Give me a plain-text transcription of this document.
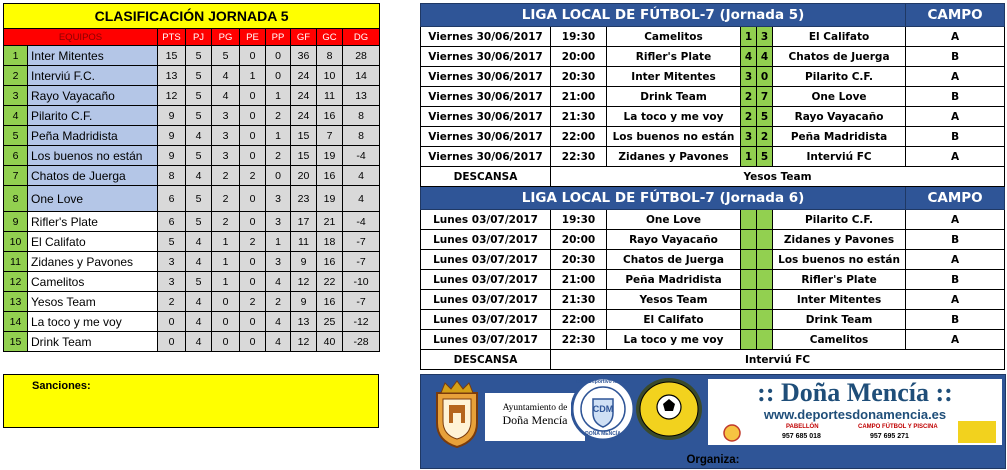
CLASIFICACIÓN JORNADA 5									
EQUIPOS		PTS	PJ	PG	PE	PP	GF	GC	DG
1	Inter Mitentes	15	5	5	0	0	36	8	28
2	Interviú F.C.	13	5	4	1	0	24	10	14
3	Rayo Vayacaño	12	5	4	0	1	24	11	13
4	Pilarito C.F.	9	5	3	0	2	24	16	8
5	Peña Madridista	9	4	3	0	1	15	7	8
6	Los buenos no están	9	5	3	0	2	15	19	-4
7	Chatos de Juerga	8	4	2	2	0	20	16	4
8	One Love	6	5	2	0	3	23	19	4
9	Rifler's Plate	6	5	2	0	3	17	21	-4
10	El Califato	5	4	1	2	1	11	18	-7
11	Zidanes y Pavones	3	4	1	0	3	9	16	-7
12	Camelitos	3	5	1	0	4	12	22	-10
13	Yesos Team	2	4	0	2	2	9	16	-7
14	La toco y me voy	0	4	0	0	4	13	25	-12
15	Drink Team	0	4	0	0	4	12	40	-28
Sanciones:
LIGA LOCAL DE FÚTBOL-7 (Jornada 5)						CAMPO
Viernes 30/06/2017	19:30	Camelitos	1	3	El Califato	A
Viernes 30/06/2017	20:00	Rifler's Plate	4	4	Chatos de Juerga	B
Viernes 30/06/2017	20:30	Inter Mitentes	3	0	Pilarito C.F.	A
Viernes 30/06/2017	21:00	Drink Team	2	7	One Love	B
Viernes 30/06/2017	21:30	La toco y me voy	2	5	Rayo Vayacaño	A
Viernes 30/06/2017	22:00	Los buenos no están	3	2	Peña Madridista	B
Viernes 30/06/2017	22:30	Zidanes y Pavones	1	5	Interviú FC	A
DESCANSA	Yesos Team					
LIGA LOCAL DE FÚTBOL-7 (Jornada 6)						CAMPO
Lunes 03/07/2017	19:30	One Love			Pilarito C.F.	A
Lunes 03/07/2017	20:00	Rayo Vayacaño			Zidanes y Pavones	B
Lunes 03/07/2017	20:30	Chatos de Juerga			Los buenos no están	A
Lunes 03/07/2017	21:00	Peña Madridista			Rifler's Plate	B
Lunes 03/07/2017	21:30	Yesos Team			Inter Mitentes	A
Lunes 03/07/2017	22:00	El Califato			Drink Team	B
Lunes 03/07/2017	22:30	La toco y me voy			Camelitos	A
DESCANSA	Interviú FC					
Ayuntamiento de
Doña Mencía
CDM
Club Deportivo Mencía
DOÑA MENCÍA
:: Doña Mencía ::
www.deportesdonamencia.es
PABELLÓN
957 685 018
CAMPO FÚTBOL Y PISCINA
957 695 271
Organiza:
